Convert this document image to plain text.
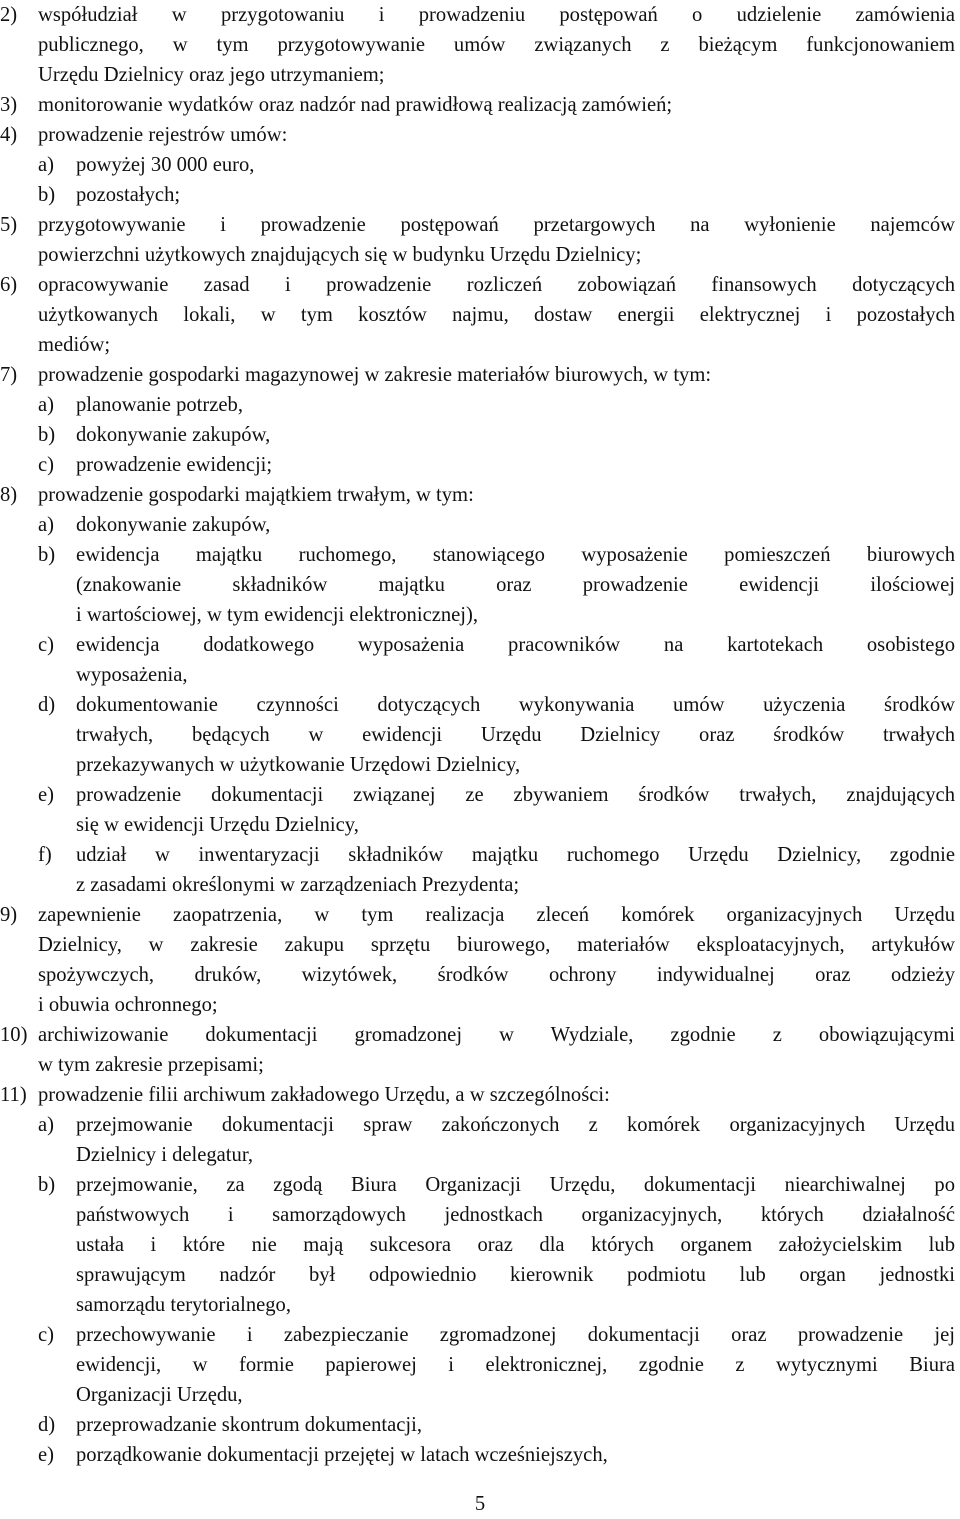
2) współudział w przygotowaniu i prowadzeniu postępowań o udzielenie zamówienia
publicznego, w tym przygotowywanie umów związanych z bieżącym funkcjonowaniem
Urzędu Dzielnicy oraz jego utrzymaniem;
3) monitorowanie wydatków oraz nadzór nad prawidłową realizacją zamówień;
4) prowadzenie rejestrów umów:
a) powyżej 30 000 euro,
b) pozostałych;
5) przygotowywanie i prowadzenie postępowań przetargowych na wyłonienie najemców
powierzchni użytkowych znajdujących się w budynku Urzędu Dzielnicy;
6) opracowywanie zasad i prowadzenie rozliczeń zobowiązań finansowych dotyczących
użytkowanych lokali, w tym kosztów najmu, dostaw energii elektrycznej i pozostałych
mediów;
7) prowadzenie gospodarki magazynowej w zakresie materiałów biurowych, w tym:
a) planowanie potrzeb,
b) dokonywanie zakupów,
c) prowadzenie ewidencji;
8) prowadzenie gospodarki majątkiem trwałym, w tym:
a) dokonywanie zakupów,
b) ewidencja majątku ruchomego, stanowiącego wyposażenie pomieszczeń biurowych
(znakowanie składników majątku oraz prowadzenie ewidencji ilościowej
i wartościowej, w tym ewidencji elektronicznej),
c) ewidencja dodatkowego wyposażenia pracowników na kartotekach osobistego
wyposażenia,
d) dokumentowanie czynności dotyczących wykonywania umów użyczenia środków
trwałych, będących w ewidencji Urzędu Dzielnicy oraz środków trwałych
przekazywanych w użytkowanie Urzędowi Dzielnicy,
e) prowadzenie dokumentacji związanej ze zbywaniem środków trwałych, znajdujących
się w ewidencji Urzędu Dzielnicy,
f) udział w inwentaryzacji składników majątku ruchomego Urzędu Dzielnicy, zgodnie
z zasadami określonymi w zarządzeniach Prezydenta;
9) zapewnienie zaopatrzenia, w tym realizacja zleceń komórek organizacyjnych Urzędu
Dzielnicy, w zakresie zakupu sprzętu biurowego, materiałów eksploatacyjnych, artykułów
spożywczych, druków, wizytówek, środków ochrony indywidualnej oraz odzieży
i obuwia ochronnego;
10) archiwizowanie dokumentacji gromadzonej w Wydziale, zgodnie z obowiązującymi
w tym zakresie przepisami;
11) prowadzenie filii archiwum zakładowego Urzędu, a w szczególności:
a) przejmowanie dokumentacji spraw zakończonych z komórek organizacyjnych Urzędu
Dzielnicy i delegatur,
b) przejmowanie, za zgodą Biura Organizacji Urzędu, dokumentacji niearchiwalnej po
państwowych i samorządowych jednostkach organizacyjnych, których działalność
ustała i które nie mają sukcesora oraz dla których organem założycielskim lub
sprawującym nadzór był odpowiednio kierownik podmiotu lub organ jednostki
samorządu terytorialnego,
c) przechowywanie i zabezpieczanie zgromadzonej dokumentacji oraz prowadzenie jej
ewidencji, w formie papierowej i elektronicznej, zgodnie z wytycznymi Biura
Organizacji Urzędu,
d) przeprowadzanie skontrum dokumentacji,
e) porządkowanie dokumentacji przejętej w latach wcześniejszych,
5
